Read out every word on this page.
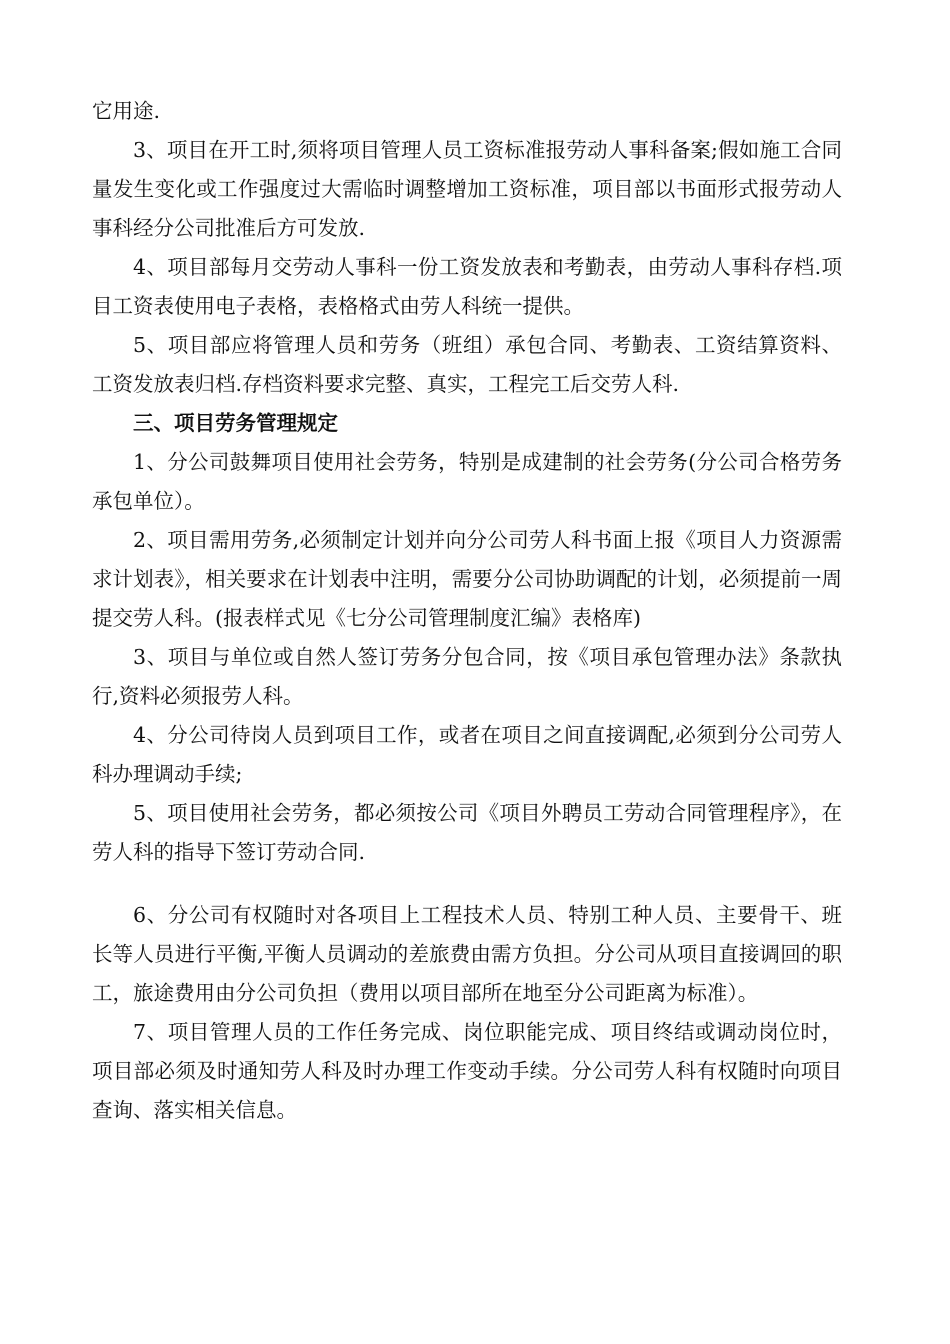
它用途.

3、项目在开工时,须将项目管理人员工资标准报劳动人事科备案;假如施工合同量发生变化或工作强度过大需临时调整增加工资标准，项目部以书面形式报劳动人事科经分公司批准后方可发放.

4、项目部每月交劳动人事科一份工资发放表和考勤表，由劳动人事科存档.项目工资表使用电子表格，表格格式由劳人科统一提供。

5、项目部应将管理人员和劳务（班组）承包合同、考勤表、工资结算资料、工资发放表归档.存档资料要求完整、真实，工程完工后交劳人科.

三、项目劳务管理规定

1、分公司鼓舞项目使用社会劳务，特别是成建制的社会劳务(分公司合格劳务承包单位）。

2、项目需用劳务,必须制定计划并向分公司劳人科书面上报《项目人力资源需求计划表》，相关要求在计划表中注明，需要分公司协助调配的计划，必须提前一周提交劳人科。(报表样式见《七分公司管理制度汇编》表格库)

3、项目与单位或自然人签订劳务分包合同，按《项目承包管理办法》条款执行,资料必须报劳人科。

4、分公司待岗人员到项目工作，或者在项目之间直接调配,必须到分公司劳人科办理调动手续;

5、项目使用社会劳务，都必须按公司《项目外聘员工劳动合同管理程序》，在劳人科的指导下签订劳动合同.

6、分公司有权随时对各项目上工程技术人员、特别工种人员、主要骨干、班长等人员进行平衡,平衡人员调动的差旅费由需方负担。分公司从项目直接调回的职工，旅途费用由分公司负担（费用以项目部所在地至分公司距离为标准）。

7、项目管理人员的工作任务完成、岗位职能完成、项目终结或调动岗位时，项目部必须及时通知劳人科及时办理工作变动手续。分公司劳人科有权随时向项目查询、落实相关信息。
